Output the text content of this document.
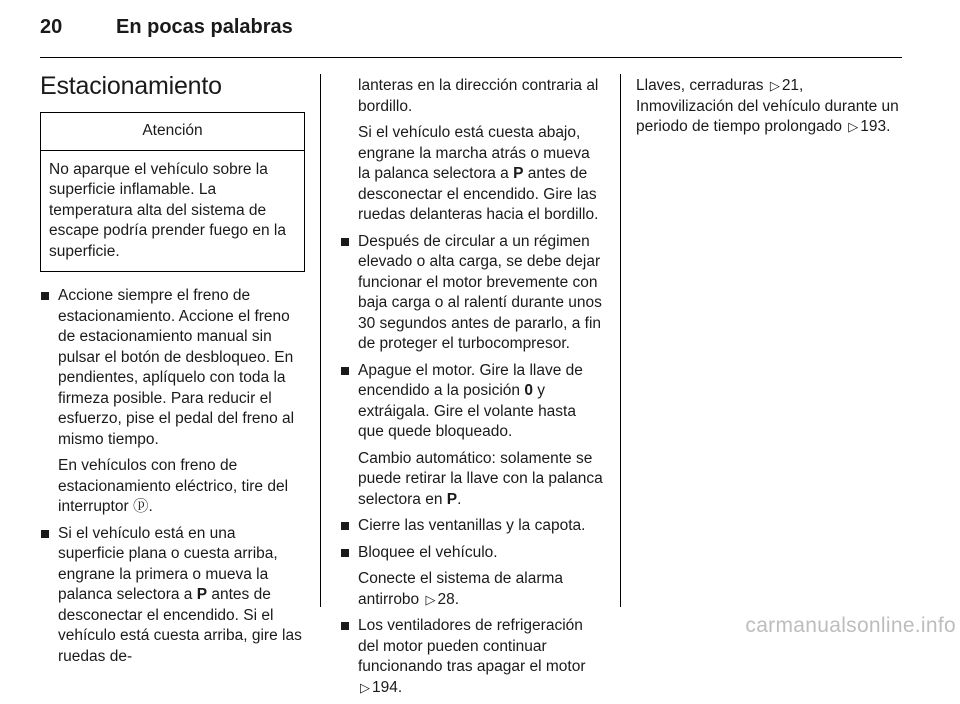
20	En pocas palabras
Estacionamiento
Atención
No aparque el vehículo sobre la superficie inflamable. La temperatura alta del sistema de escape podría prender fuego en la superficie.
Accione siempre el freno de estacionamiento. Accione el freno de estacionamiento manual sin pulsar el botón de desbloqueo. En pendientes, aplíquelo con toda la firmeza posible. Para reducir el esfuerzo, pise el pedal del freno al mismo tiempo.
En vehículos con freno de estacionamiento eléctrico, tire del interruptor ⓟ.
Si el vehículo está en una superficie plana o cuesta arriba, engrane la primera o mueva la palanca selectora a P antes de desconectar el encendido. Si el vehículo está cuesta arriba, gire las ruedas de-
lanteras en la dirección contraria al bordillo.
Si el vehículo está cuesta abajo, engrane la marcha atrás o mueva la palanca selectora a P antes de desconectar el encendido. Gire las ruedas delanteras hacia el bordillo.
Después de circular a un régimen elevado o alta carga, se debe dejar funcionar el motor brevemente con baja carga o al ralentí durante unos 30 segundos antes de pararlo, a fin de proteger el turbocompresor.
Apague el motor. Gire la llave de encendido a la posición 0 y extráigala. Gire el volante hasta que quede bloqueado.
Cambio automático: solamente se puede retirar la llave con la palanca selectora en P.
Cierre las ventanillas y la capota.
Bloquee el vehículo.
Conecte el sistema de alarma antirrobo ▷ 28.
Los ventiladores de refrigeración del motor pueden continuar funcionando tras apagar el motor ▷ 194.
Llaves, cerraduras ▷ 21, Inmovilización del vehículo durante un periodo de tiempo prolongado ▷ 193.
carmanualsonline.info
